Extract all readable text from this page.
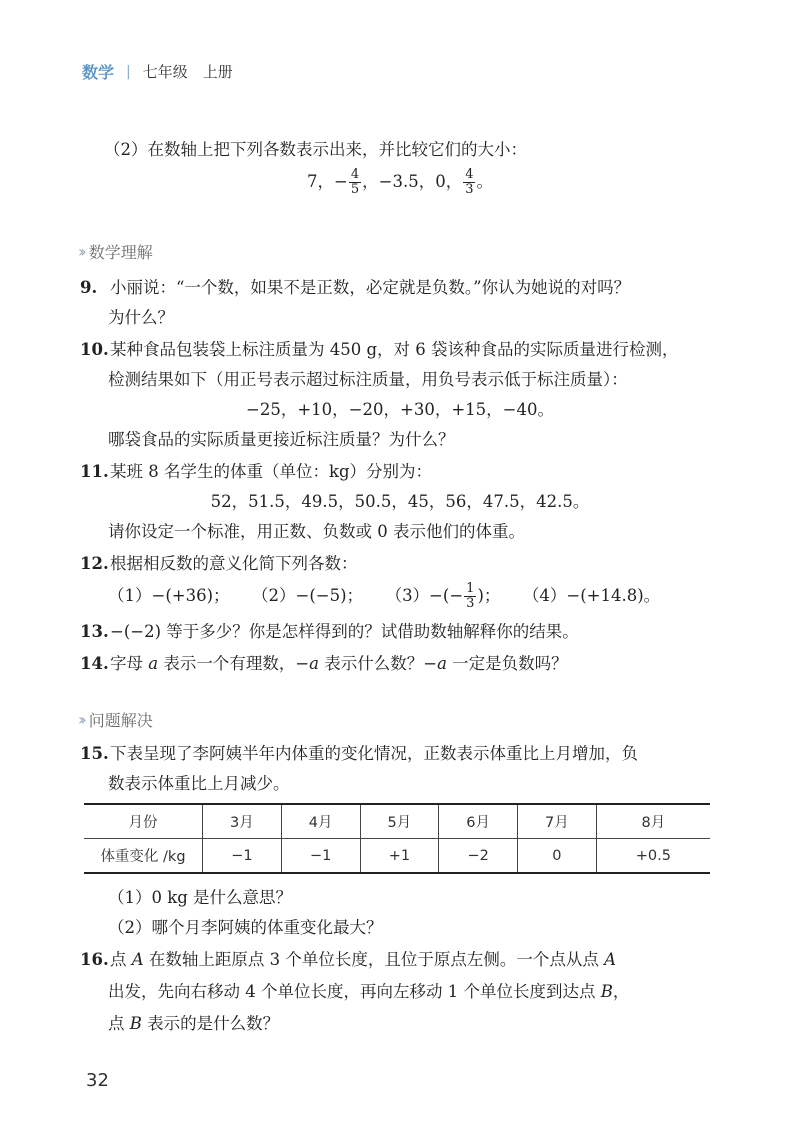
数学 | 七年级　上册
（2）在数轴上把下列各数表示出来，并比较它们的大小：
7，− $\frac{4}{5}$ ，−3.5，0， $\frac{4}{3}$ 。
›› 数学理解
9. 小丽说：“一个数，如果不是正数，必定就是负数。”你认为她说的对吗？
为什么？
10.某种食品包装袋上标注质量为 450 g，对 6 袋该种食品的实际质量进行检测，
检测结果如下（用正号表示超过标注质量，用负号表示低于标注质量）：
−25，+10，−20，+30，+15，−40。
哪袋食品的实际质量更接近标注质量？为什么？
11.某班 8 名学生的体重（单位：kg）分别为：
52，51.5，49.5，50.5，45，56，47.5，42.5。
请你设定一个标准，用正数、负数或 0 表示他们的体重。
12.根据相反数的意义化简下列各数：
（1）−(+36)； （2）−(−5)； $(3)-(- \frac{1}{3}$ )； （4）−(+14.8)。
13.−(−2) 等于多少？你是怎样得到的？试借助数轴解释你的结果。
14.字母 a 表示一个有理数，−a 表示什么数？−a 一定是负数吗？
›› 问题解决
15.下表呈现了李阿姨半年内体重的变化情况，正数表示体重比上月增加，负
数表示体重比上月减少。
月份	3月	4月	5月	6月	7月	8月
体重变化 /kg	−1	−1	+1	−2	0	+0.5
（1）0 kg 是什么意思？
（2）哪个月李阿姨的体重变化最大？
16.点 A 在数轴上距原点 3 个单位长度，且位于原点左侧。一个点从点 A
出发，先向右移动 4 个单位长度，再向左移动 1 个单位长度到达点 B，
点 B 表示的是什么数？
32
